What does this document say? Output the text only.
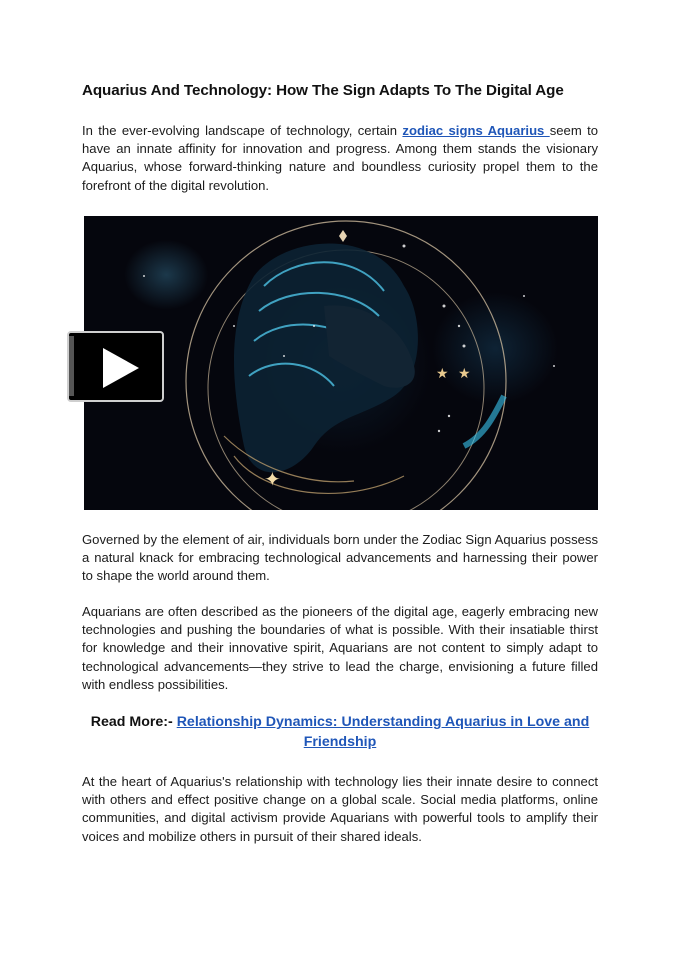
Aquarius And Technology: How The Sign Adapts To The Digital Age

In the ever-evolving landscape of technology, certain zodiac signs Aquarius seem to have an innate affinity for innovation and progress. Among them stands the visionary Aquarius, whose forward-thinking nature and boundless curiosity propel them to the forefront of the digital revolution.

Governed by the element of air, individuals born under the Zodiac Sign Aquarius possess a natural knack for embracing technological advancements and harnessing their power to shape the world around them.

Aquarians are often described as the pioneers of the digital age, eagerly embracing new technologies and pushing the boundaries of what is possible. With their insatiable thirst for knowledge and their innovative spirit, Aquarians are not content to simply adapt to technological advancements—they strive to lead the charge, envisioning a future filled with endless possibilities.

Read More:- Relationship Dynamics: Understanding Aquarius in Love and Friendship

At the heart of Aquarius's relationship with technology lies their innate desire to connect with others and effect positive change on a global scale. Social media platforms, online communities, and digital activism provide Aquarians with powerful tools to amplify their voices and mobilize others in pursuit of their shared ideals.

★ ★
✦
